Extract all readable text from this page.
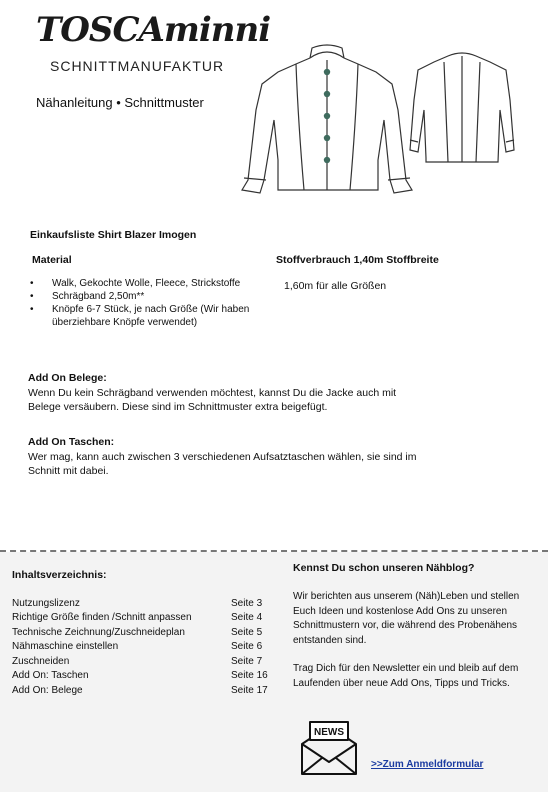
TOSCAminni
SCHNITTMANUFAKTUR
Nähanleitung • Schnittmuster
Einkaufsliste Shirt Blazer Imogen
Material
• Walk, Gekochte Wolle, Fleece, Strickstoffe
• Schrägband 2,50m**
• Knöpfe 6-7 Stück, je nach Größe (Wir haben überziehbare Knöpfe verwendet)
Stoffverbrauch 1,40m Stoffbreite
1,60m für alle Größen
Add On Belege:
Wenn Du kein Schrägband verwenden möchtest, kannst Du die Jacke auch mit Belege versäubern. Diese sind im Schnittmuster extra beigefügt.
Add On Taschen:
Wer mag, kann auch zwischen 3 verschiedenen Aufsatztaschen wählen, sie sind im Schnitt mit dabei.
Inhaltsverzeichnis:
Nutzungslizenz	Seite 3
Richtige Größe finden /Schnitt anpassen	Seite 4
Technische Zeichnung/Zuschneideplan	Seite 5
Nähmaschine einstellen	Seite 6
Zuschneiden	Seite 7
Add On: Taschen	Seite 16
Add On: Belege	Seite 17
Kennst Du schon unseren Nähblog?
Wir berichten aus unserem (Näh)Leben und stellen Euch Ideen und kostenlose Add Ons zu unseren Schnittmustern vor, die während des Probenähens entstanden sind.
Trag Dich für den Newsletter ein und bleib auf dem Laufenden über neue Add Ons, Tipps und Tricks.
NEWS
>>Zum Anmeldformular
